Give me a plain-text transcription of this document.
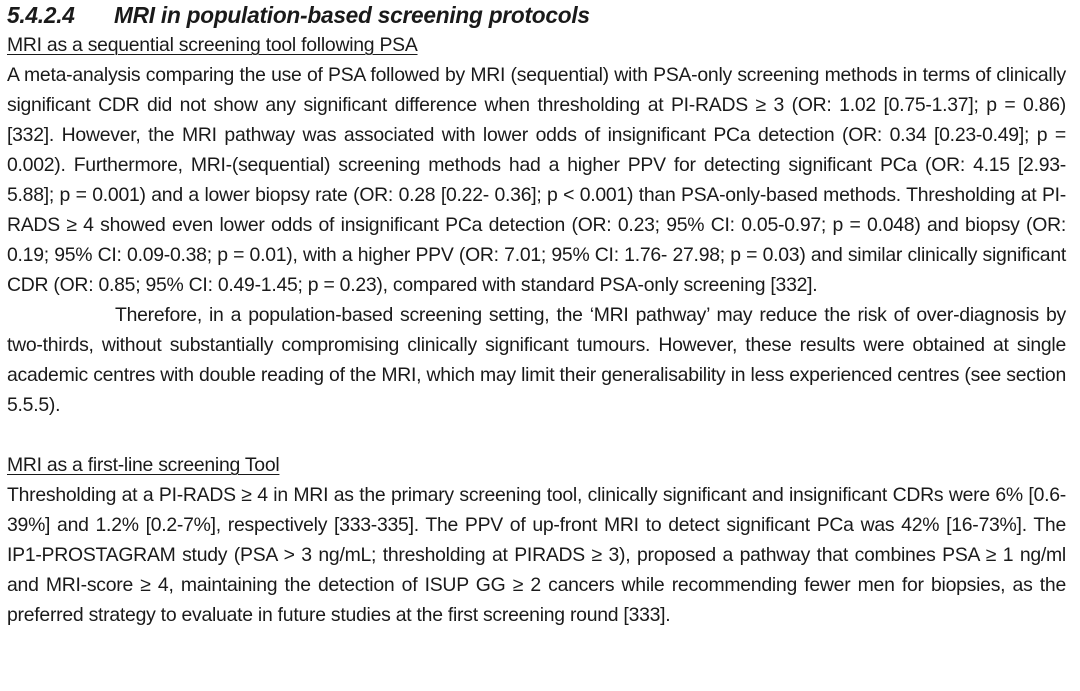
5.4.2.4	MRI in population-based screening protocols

MRI as a sequential screening tool following PSA

A meta-analysis comparing the use of PSA followed by MRI (sequential) with PSA-only screening methods in terms of clinically significant CDR did not show any significant difference when thresholding at PI-RADS ≥ 3 (OR: 1.02 [0.75-1.37]; p = 0.86) [332]. However, the MRI pathway was associated with lower odds of insignificant PCa detection (OR: 0.34 [0.23-0.49]; p = 0.002). Furthermore, MRI-(sequential) screening methods had a higher PPV for detecting significant PCa (OR: 4.15 [2.93-5.88]; p = 0.001) and a lower biopsy rate (OR: 0.28 [0.22- 0.36]; p < 0.001) than PSA-only-based methods. Thresholding at PI-RADS ≥ 4 showed even lower odds of insignificant PCa detection (OR: 0.23; 95% CI: 0.05-0.97; p = 0.048) and biopsy (OR: 0.19; 95% CI: 0.09-0.38; p = 0.01), with a higher PPV (OR: 7.01; 95% CI: 1.76- 27.98; p = 0.03) and similar clinically significant CDR (OR: 0.85; 95% CI: 0.49-1.45; p = 0.23), compared with standard PSA-only screening [332].

Therefore, in a population-based screening setting, the ‘MRI pathway’ may reduce the risk of over-diagnosis by two-thirds, without substantially compromising clinically significant tumours. However, these results were obtained at single academic centres with double reading of the MRI, which may limit their generalisability in less experienced centres (see section 5.5.5).

MRI as a first-line screening Tool

Thresholding at a PI-RADS ≥ 4 in MRI as the primary screening tool, clinically significant and insignificant CDRs were 6% [0.6-39%] and 1.2% [0.2-7%], respectively [333-335]. The PPV of up-front MRI to detect significant PCa was 42% [16-73%]. The IP1-PROSTAGRAM study (PSA > 3 ng/mL; thresholding at PIRADS ≥ 3), proposed a pathway that combines PSA ≥ 1 ng/ml and MRI-score ≥ 4, maintaining the detection of ISUP GG ≥ 2 cancers while recommending fewer men for biopsies, as the preferred strategy to evaluate in future studies at the first screening round [333].
